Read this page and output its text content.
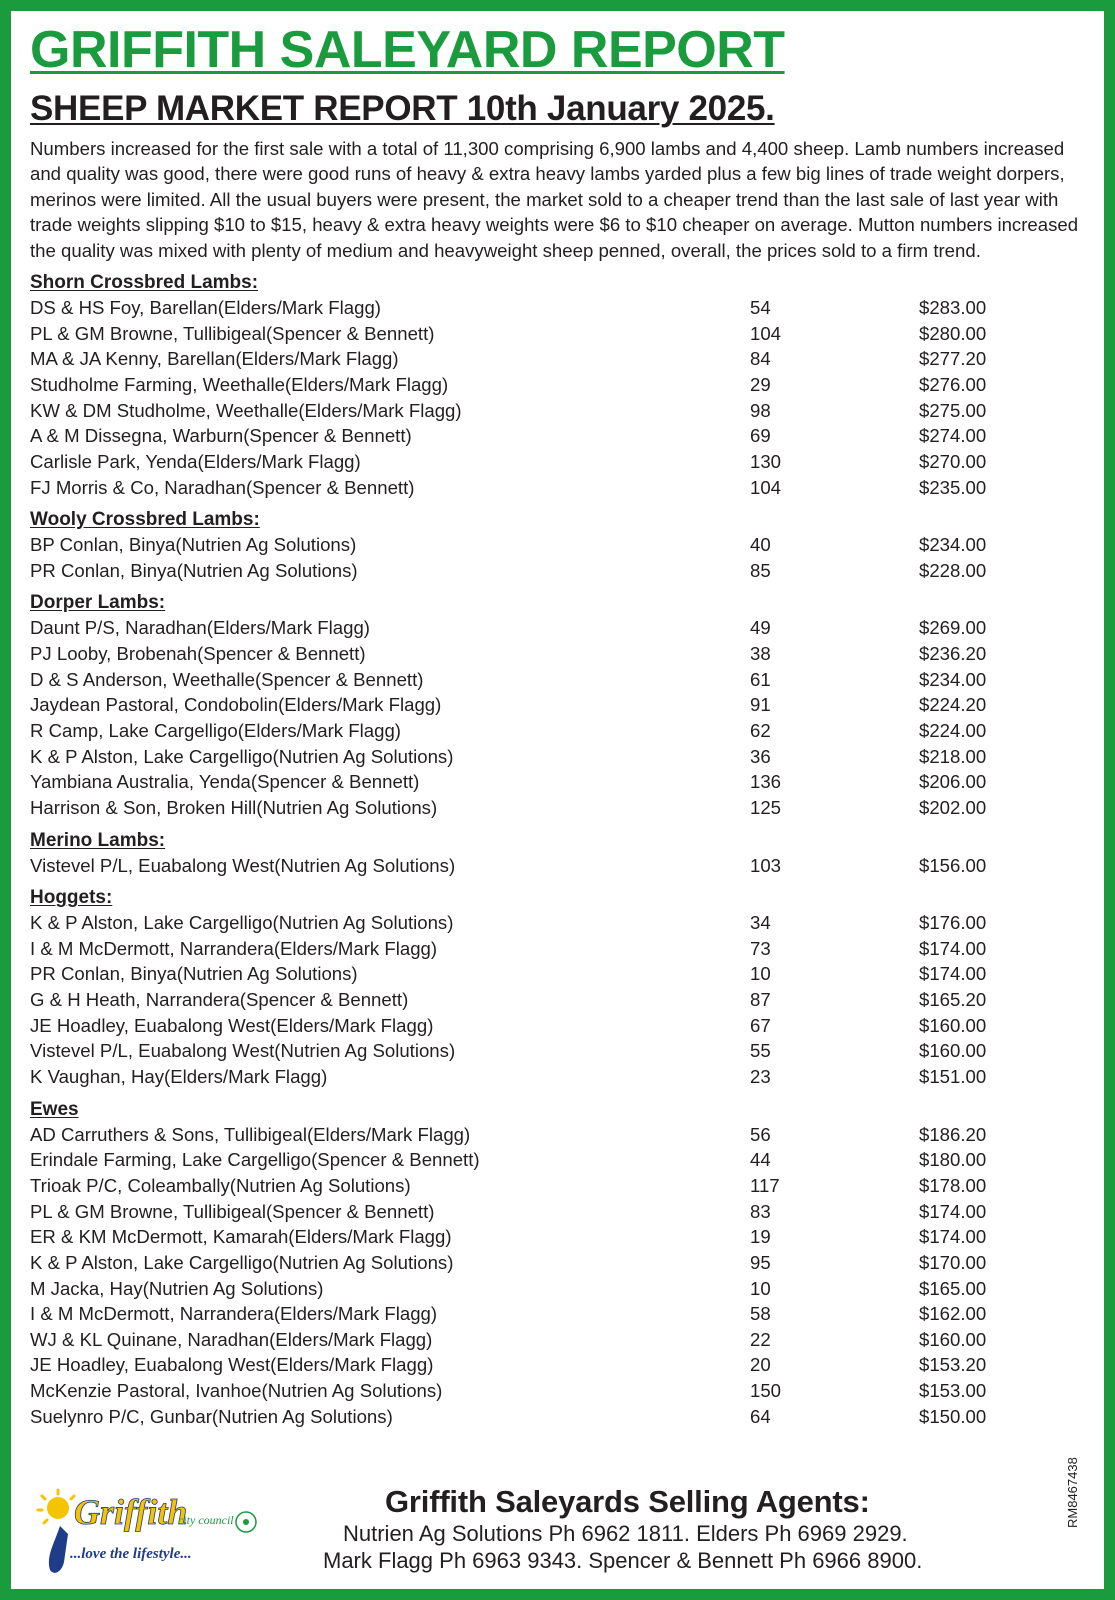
GRIFFITH SALEYARD REPORT
SHEEP MARKET REPORT 10th January 2025.
Numbers increased for the first sale with a total of 11,300 comprising 6,900 lambs and 4,400 sheep. Lamb numbers increased and quality was good, there were good runs of heavy & extra heavy lambs yarded plus a few big lines of trade weight dorpers, merinos were limited. All the usual buyers were present, the market sold to a cheaper trend than the last sale of last year with trade weights slipping $10 to $15, heavy & extra heavy weights were $6 to $10 cheaper on average. Mutton numbers increased the quality was mixed with plenty of medium and heavyweight sheep penned, overall, the prices sold to a firm trend.
Shorn Crossbred Lambs:
DS & HS Foy, Barellan(Elders/Mark Flagg)	54	$283.00
PL & GM Browne, Tullibigeal(Spencer & Bennett)	104	$280.00
MA & JA Kenny, Barellan(Elders/Mark Flagg)	84	$277.20
Studholme Farming, Weethalle(Elders/Mark Flagg)	29	$276.00
KW & DM Studholme, Weethalle(Elders/Mark Flagg)	98	$275.00
A & M Dissegna, Warburn(Spencer & Bennett)	69	$274.00
Carlisle Park, Yenda(Elders/Mark Flagg)	130	$270.00
FJ Morris & Co, Naradhan(Spencer & Bennett)	104	$235.00
Wooly Crossbred Lambs:
BP Conlan, Binya(Nutrien Ag Solutions)	40	$234.00
PR Conlan, Binya(Nutrien Ag Solutions)	85	$228.00
Dorper Lambs:
Daunt P/S, Naradhan(Elders/Mark Flagg)	49	$269.00
PJ Looby, Brobenah(Spencer & Bennett)	38	$236.20
D & S Anderson, Weethalle(Spencer & Bennett)	61	$234.00
Jaydean Pastoral, Condobolin(Elders/Mark Flagg)	91	$224.20
R Camp, Lake Cargelligo(Elders/Mark Flagg)	62	$224.00
K & P Alston, Lake Cargelligo(Nutrien Ag Solutions)	36	$218.00
Yambiana Australia, Yenda(Spencer & Bennett)	136	$206.00
Harrison & Son, Broken Hill(Nutrien Ag Solutions)	125	$202.00
Merino Lambs:
Vistevel P/L, Euabalong West(Nutrien Ag Solutions)	103	$156.00
Hoggets:
K & P Alston, Lake Cargelligo(Nutrien Ag Solutions)	34	$176.00
I & M McDermott, Narrandera(Elders/Mark Flagg)	73	$174.00
PR Conlan, Binya(Nutrien Ag Solutions)	10	$174.00
G & H Heath, Narrandera(Spencer & Bennett)	87	$165.20
JE Hoadley, Euabalong West(Elders/Mark Flagg)	67	$160.00
Vistevel P/L, Euabalong West(Nutrien Ag Solutions)	55	$160.00
K Vaughan, Hay(Elders/Mark Flagg)	23	$151.00
Ewes
AD Carruthers & Sons, Tullibigeal(Elders/Mark Flagg)	56	$186.20
Erindale Farming, Lake Cargelligo(Spencer & Bennett)	44	$180.00
Trioak P/C, Coleambally(Nutrien Ag Solutions)	117	$178.00
PL & GM Browne, Tullibigeal(Spencer & Bennett)	83	$174.00
ER & KM McDermott, Kamarah(Elders/Mark Flagg)	19	$174.00
K & P Alston, Lake Cargelligo(Nutrien Ag Solutions)	95	$170.00
M Jacka, Hay(Nutrien Ag Solutions)	10	$165.00
I & M McDermott, Narrandera(Elders/Mark Flagg)	58	$162.00
WJ & KL Quinane, Naradhan(Elders/Mark Flagg)	22	$160.00
JE Hoadley, Euabalong West(Elders/Mark Flagg)	20	$153.20
McKenzie Pastoral, Ivanhoe(Nutrien Ag Solutions)	150	$153.00
Suelynro P/C, Gunbar(Nutrien Ag Solutions)	64	$150.00
Griffith
city council
...love the lifestyle...
Griffith Saleyards Selling Agents:
Nutrien Ag Solutions Ph 6962 1811. Elders Ph 6969 2929.
Mark Flagg Ph 6963 9343. Spencer & Bennett Ph 6966 8900.
RM8467438
